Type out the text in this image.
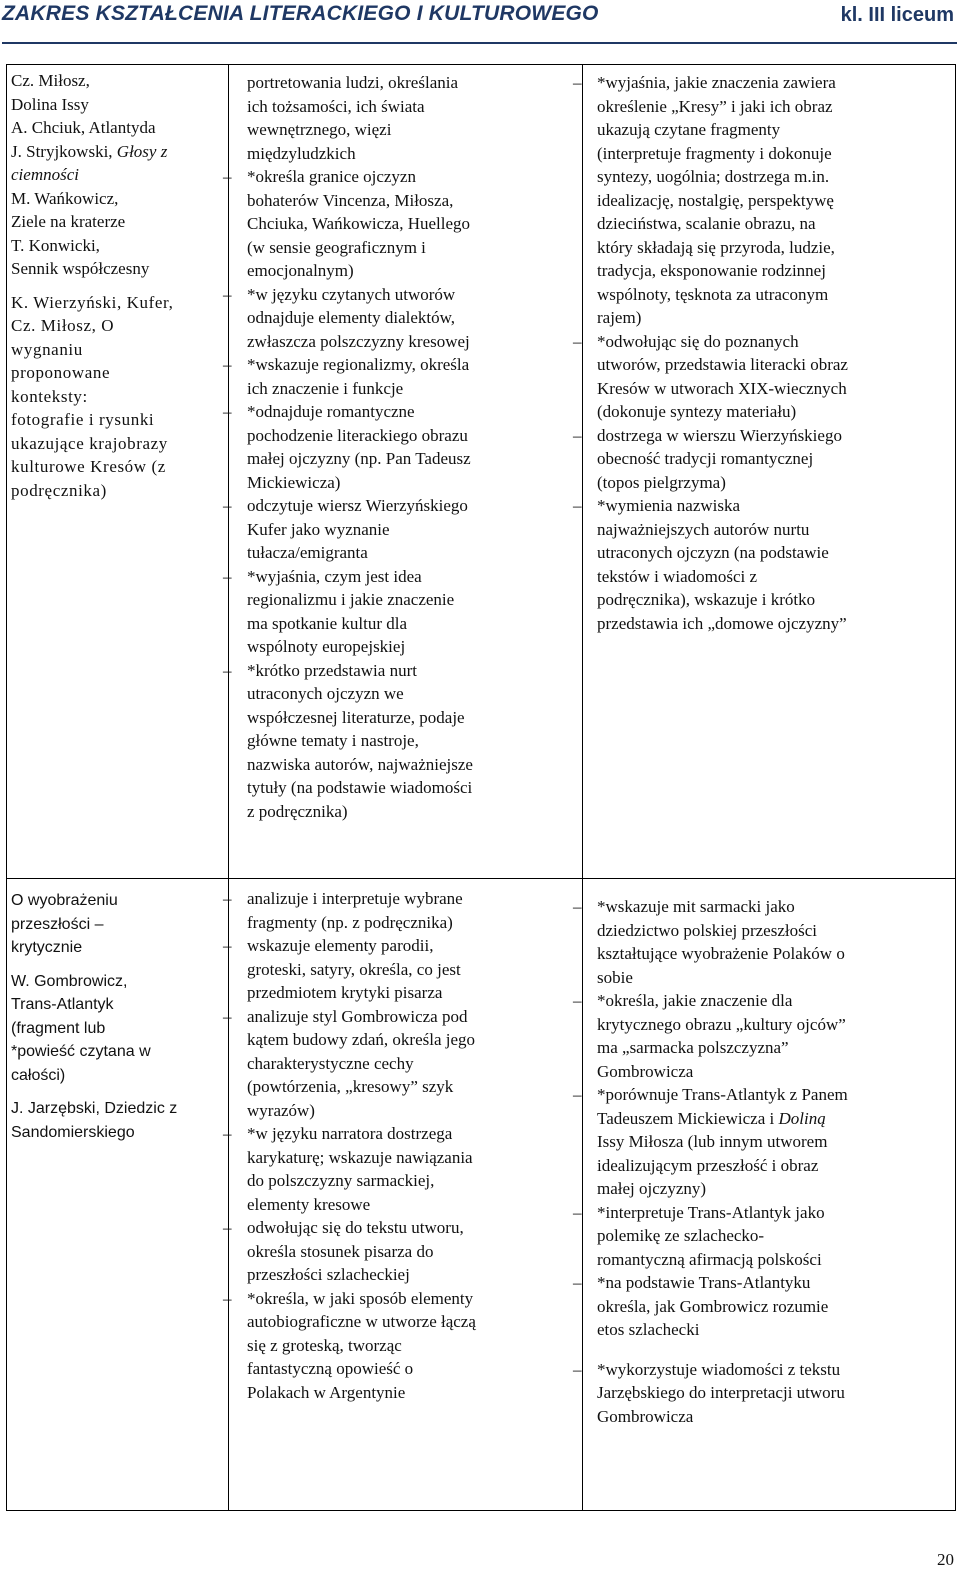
ZAKRES KSZTAŁCENIA LITERACKIEGO I KULTUROWEGO	kl. III liceum
Cz. Miłosz,
Dolina Issy
A. Chciuk, Atlantyda
J. Stryjkowski, Głosy z
ciemności
M. Wańkowicz,
Ziele na kraterze
T. Konwicki,
Sennik współczesny
K. Wierzyński, Kufer,
Cz. Miłosz, O
wygnaniu
proponowane
konteksty:
fotografie i rysunki
ukazujące krajobrazy
kulturowe Kresów (z
podręcznika)
O wyobrażeniu
przeszłości –
krytycznie
W. Gombrowicz,
Trans-Atlantyk
(fragment lub
*powieść czytana w
całości)
J. Jarzębski, Dziedzic z
Sandomierskiego
portretowania ludzi, określania
ich tożsamości, ich świata
wewnętrznego, więzi
międzyludzkich
– *określa granice ojczyzn
bohaterów Vincenza, Miłosza,
Chciuka, Wańkowicza, Huellego
(w sensie geograficznym i
emocjonalnym)
– *w języku czytanych utworów
odnajduje elementy dialektów,
zwłaszcza polszczyzny kresowej
– *wskazuje regionalizmy, określa
ich znaczenie i funkcje
– *odnajduje romantyczne
pochodzenie literackiego obrazu
małej ojczyzny (np. Pan Tadeusz
Mickiewicza)
– odczytuje wiersz Wierzyńskiego
Kufer jako wyznanie
tułacza/emigranta
– *wyjaśnia, czym jest idea
regionalizmu i jakie znaczenie
ma spotkanie kultur dla
wspólnoty europejskiej
– *krótko przedstawia nurt
utraconych ojczyzn we
współczesnej literaturze, podaje
główne tematy i nastroje,
nazwiska autorów, najważniejsze
tytuły (na podstawie wiadomości
z podręcznika)
– analizuje i interpretuje wybrane
fragmenty (np. z podręcznika)
– wskazuje elementy parodii,
groteski, satyry, określa, co jest
przedmiotem krytyki pisarza
– analizuje styl Gombrowicza pod
kątem budowy zdań, określa jego
charakterystyczne cechy
(powtórzenia, „kresowy” szyk
wyrazów)
– *w języku narratora dostrzega
karykaturę; wskazuje nawiązania
do polszczyzny sarmackiej,
elementy kresowe
– odwołując się do tekstu utworu,
określa stosunek pisarza do
przeszłości szlacheckiej
– *określa, w jaki sposób elementy
autobiograficzne w utworze łączą
się z groteską, tworząc
fantastyczną opowieść o
Polakach w Argentynie
– *wyjaśnia, jakie znaczenia zawiera
określenie „Kresy” i jaki ich obraz
ukazują czytane fragmenty
(interpretuje fragmenty i dokonuje
syntezy, uogólnia; dostrzega m.in.
idealizację, nostalgię, perspektywę
dzieciństwa, scalanie obrazu, na
który składają się przyroda, ludzie,
tradycja, eksponowanie rodzinnej
wspólnoty, tęsknota za utraconym
rajem)
– *odwołując się do poznanych
utworów, przedstawia literacki obraz
Kresów w utworach XIX-wiecznych
(dokonuje syntezy materiału)
– dostrzega w wierszu Wierzyńskiego
obecność tradycji romantycznej
(topos pielgrzyma)
– *wymienia nazwiska
najważniejszych autorów nurtu
utraconych ojczyzn (na podstawie
tekstów i wiadomości z
podręcznika), wskazuje i krótko
przedstawia ich „domowe ojczyzny”
– *wskazuje mit sarmacki jako
dziedzictwo polskiej przeszłości
kształtujące wyobrażenie Polaków o
sobie
– *określa, jakie znaczenie dla
krytycznego obrazu „kultury ojców”
ma „sarmacka polszczyzna”
Gombrowicza
– *porównuje Trans-Atlantyk z Panem
Tadeuszem Mickiewicza i Doliną
Issy Miłosza (lub innym utworem
idealizującym przeszłość i obraz
małej ojczyzny)
– *interpretuje Trans-Atlantyk jako
polemikę ze szlachecko-
romantyczną afirmacją polskości
– *na podstawie Trans-Atlantyku
określa, jak Gombrowicz rozumie
etos szlachecki
– *wykorzystuje wiadomości z tekstu
Jarzębskiego do interpretacji utworu
Gombrowicza
20
